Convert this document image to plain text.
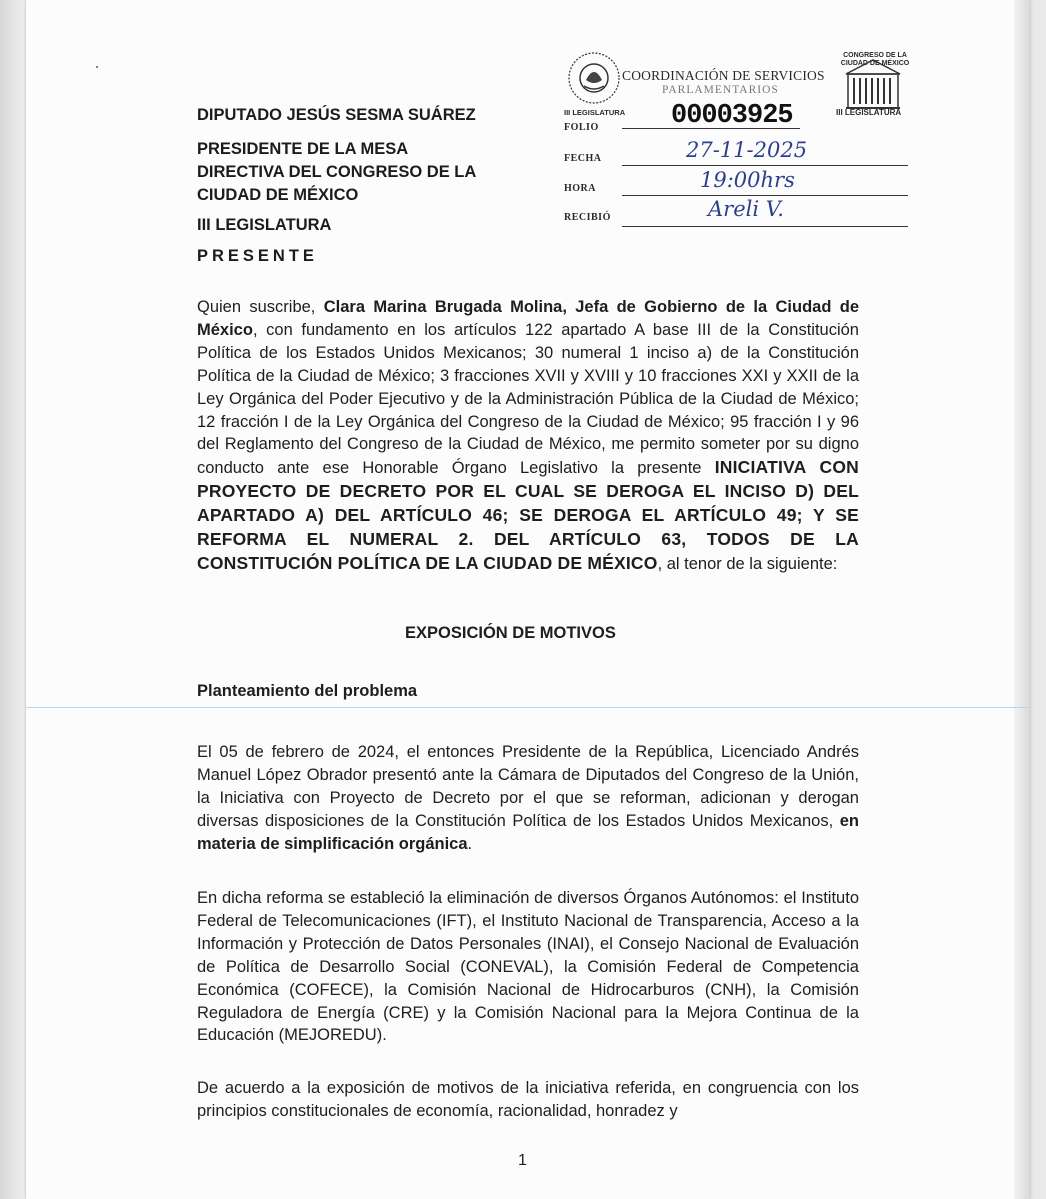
DIPUTADO JESÚS SESMA SUÁREZ
PRESIDENTE DE LA MESA DIRECTIVA DEL CONGRESO DE LA CIUDAD DE MÉXICO
III LEGISLATURA
PRESENTE
III LEGISLATURA
COORDINACIÓN DE SERVICIOS
PARLAMENTARIOS
CONGRESO DE LA CIUDAD DE MÉXICO
III LEGISLATURA
FOLIO	00003925
FECHA	27-11-2025
HORA	19:00hrs
RECIBIÓ	Areli V.
Quien suscribe, Clara Marina Brugada Molina, Jefa de Gobierno de la Ciudad de México, con fundamento en los artículos 122 apartado A base III de la Constitución Política de los Estados Unidos Mexicanos; 30 numeral 1 inciso a) de la Constitución Política de la Ciudad de México; 3 fracciones XVII y XVIII y 10 fracciones XXI y XXII de la Ley Orgánica del Poder Ejecutivo y de la Administración Pública de la Ciudad de México; 12 fracción I de la Ley Orgánica del Congreso de la Ciudad de México; 95 fracción I y 96 del Reglamento del Congreso de la Ciudad de México, me permito someter por su digno conducto ante ese Honorable Órgano Legislativo la presente INICIATIVA CON PROYECTO DE DECRETO POR EL CUAL SE DEROGA EL INCISO D) DEL APARTADO A) DEL ARTÍCULO 46; SE DEROGA EL ARTÍCULO 49; Y SE REFORMA EL NUMERAL 2. DEL ARTÍCULO 63, TODOS DE LA CONSTITUCIÓN POLÍTICA DE LA CIUDAD DE MÉXICO, al tenor de la siguiente:
EXPOSICIÓN DE MOTIVOS
Planteamiento del problema
El 05 de febrero de 2024, el entonces Presidente de la República, Licenciado Andrés Manuel López Obrador presentó ante la Cámara de Diputados del Congreso de la Unión, la Iniciativa con Proyecto de Decreto por el que se reforman, adicionan y derogan diversas disposiciones de la Constitución Política de los Estados Unidos Mexicanos, en materia de simplificación orgánica.
En dicha reforma se estableció la eliminación de diversos Órganos Autónomos: el Instituto Federal de Telecomunicaciones (IFT), el Instituto Nacional de Transparencia, Acceso a la Información y Protección de Datos Personales (INAI), el Consejo Nacional de Evaluación de Política de Desarrollo Social (CONEVAL), la Comisión Federal de Competencia Económica (COFECE), la Comisión Nacional de Hidrocarburos (CNH), la Comisión Reguladora de Energía (CRE) y la Comisión Nacional para la Mejora Continua de la Educación (MEJOREDU).
De acuerdo a la exposición de motivos de la iniciativa referida, en congruencia con los principios constitucionales de economía, racionalidad, honradez y
1
